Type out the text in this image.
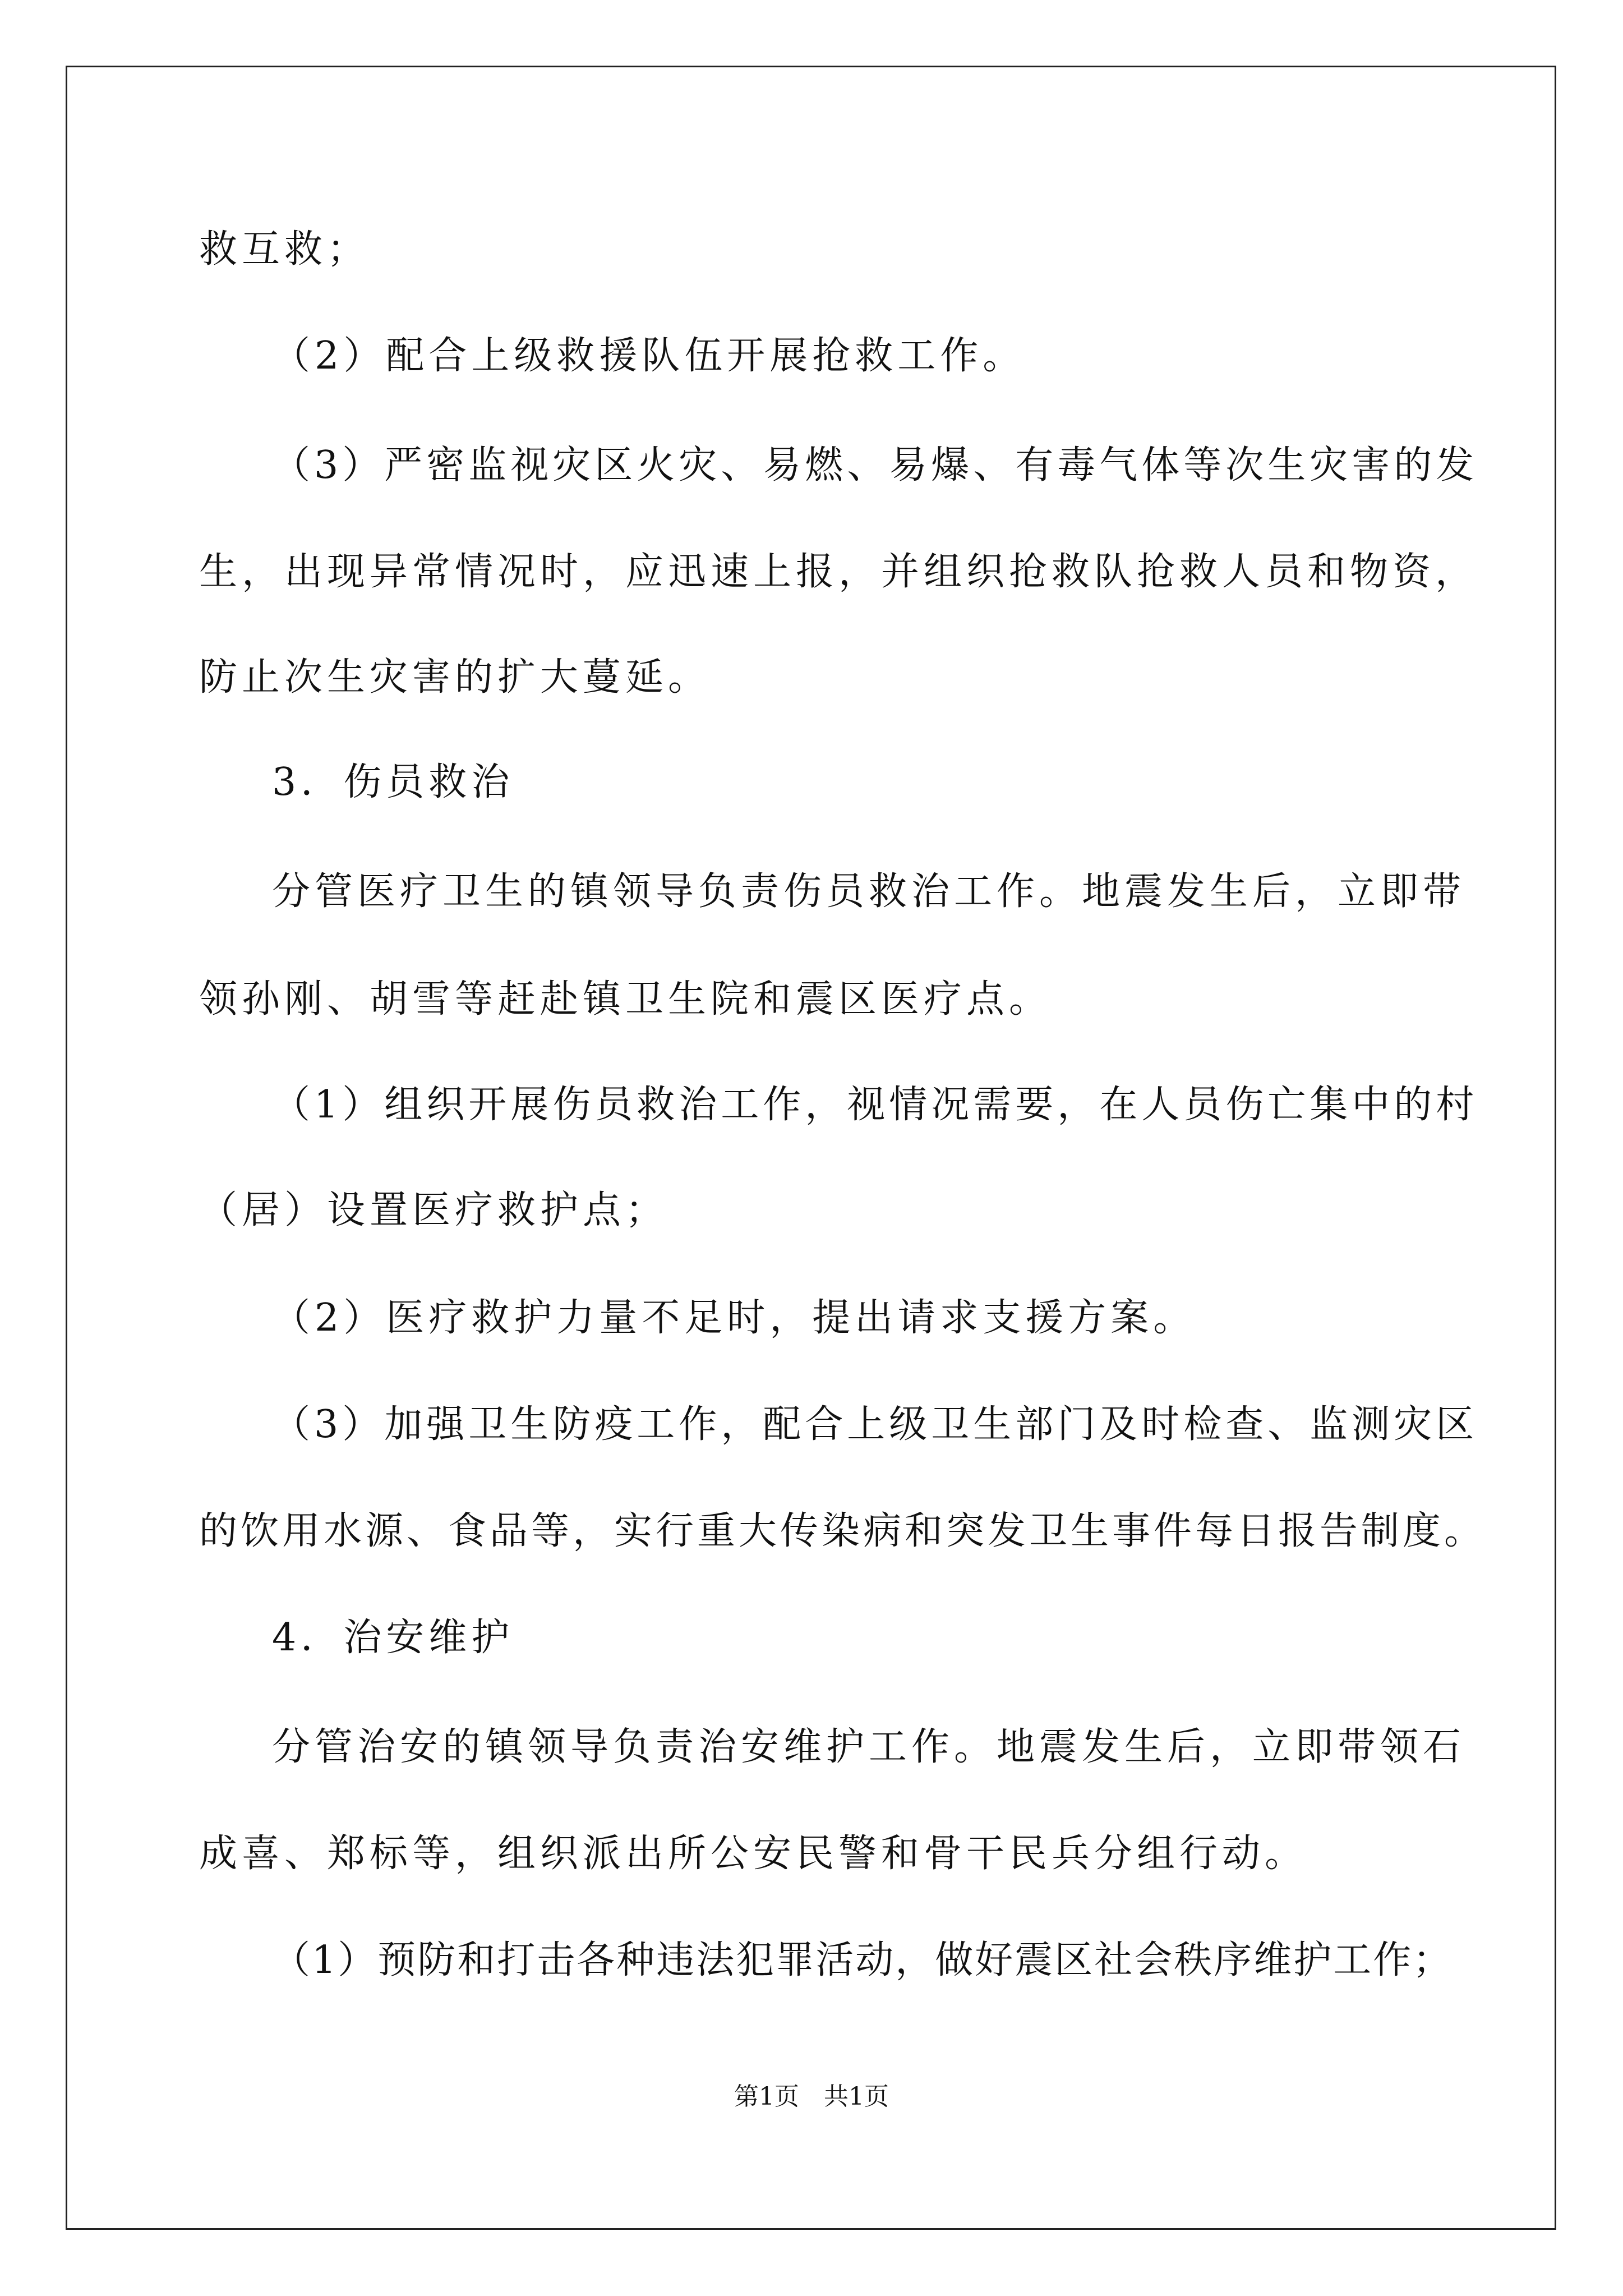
救互救；
（2）配合上级救援队伍开展抢救工作。
（3）严密监视灾区火灾、易燃、易爆、有毒气体等次生灾害的发
生，出现异常情况时，应迅速上报，并组织抢救队抢救人员和物资，
防止次生灾害的扩大蔓延。
3．伤员救治
分管医疗卫生的镇领导负责伤员救治工作。地震发生后，立即带
领孙刚、胡雪等赶赴镇卫生院和震区医疗点。
（1）组织开展伤员救治工作，视情况需要，在人员伤亡集中的村
（居）设置医疗救护点；
（2）医疗救护力量不足时，提出请求支援方案。
（3）加强卫生防疫工作，配合上级卫生部门及时检查、监测灾区
的饮用水源、食品等，实行重大传染病和突发卫生事件每日报告制度。
4．治安维护
分管治安的镇领导负责治安维护工作。地震发生后，立即带领石
成喜、郑标等，组织派出所公安民警和骨干民兵分组行动。
（1）预防和打击各种违法犯罪活动，做好震区社会秩序维护工作；
第1页　共1页
